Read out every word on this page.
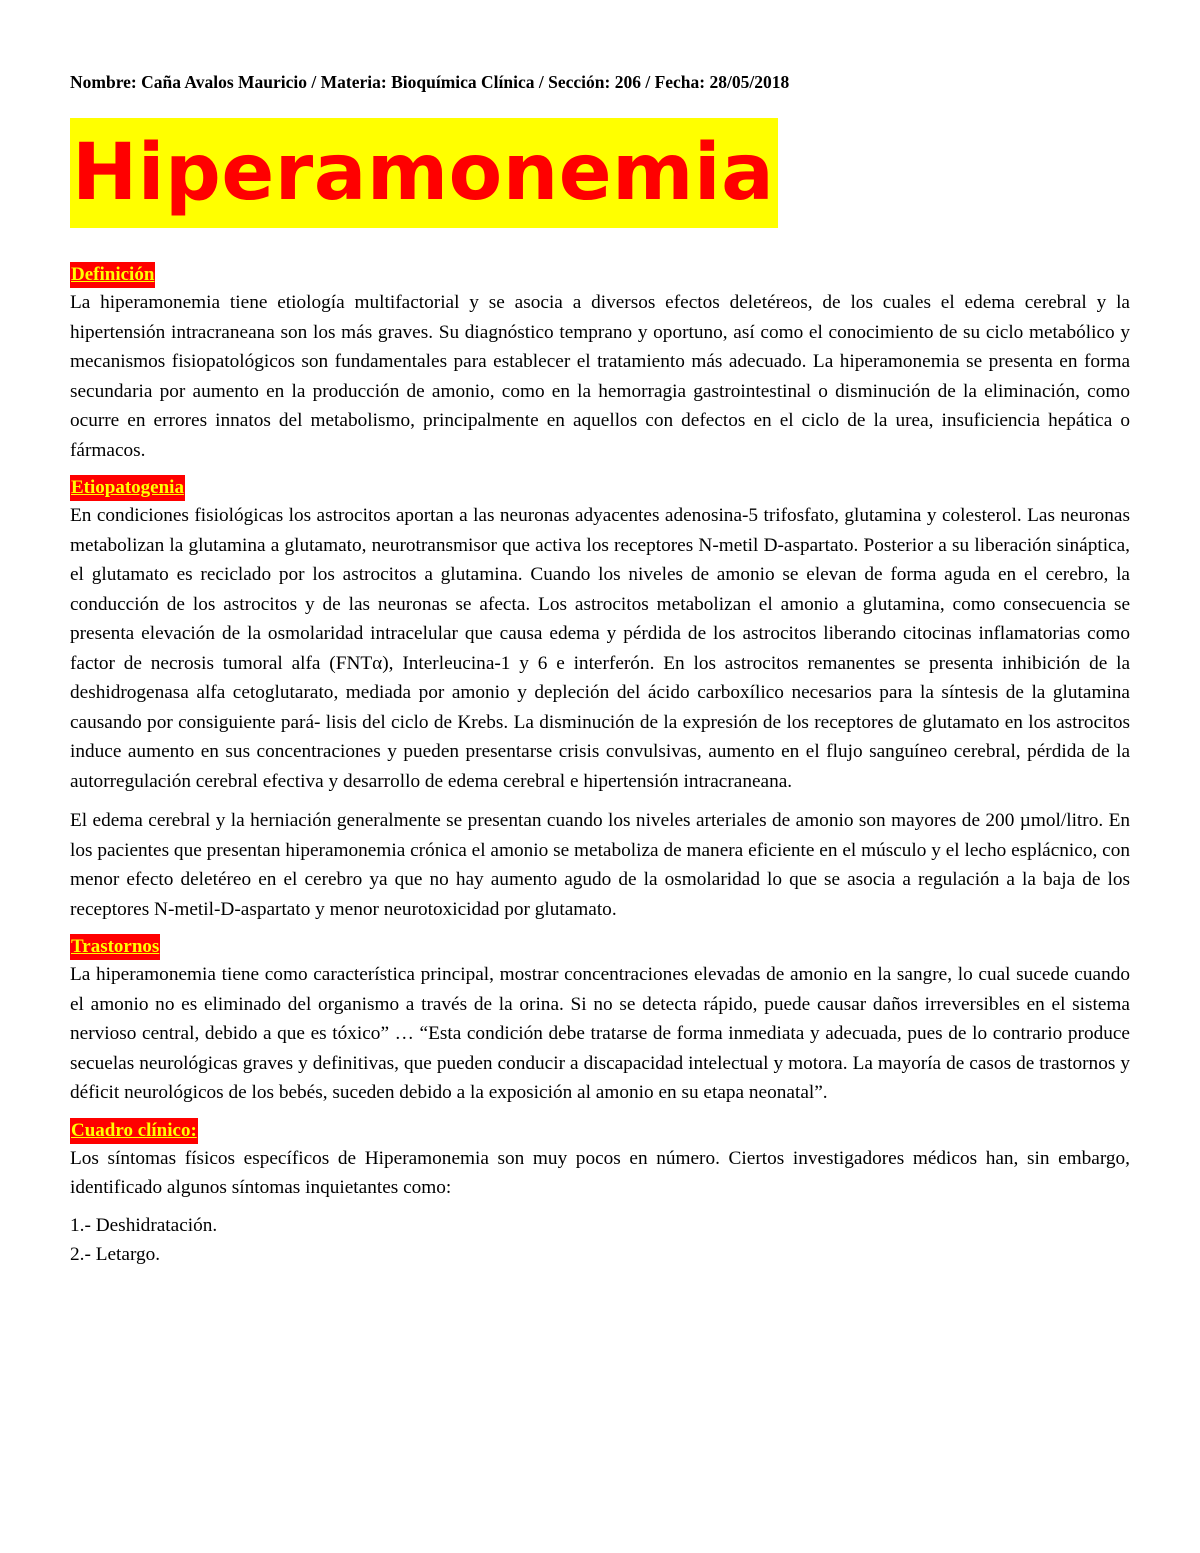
Nombre: Caña Avalos Mauricio / Materia: Bioquímica Clínica / Sección: 206 / Fecha: 28/05/2018

Hiperamonemia
Definición

La hiperamonemia tiene etiología multifactorial y se asocia a diversos efectos deletéreos, de los cuales el edema cerebral y la hipertensión intracraneana son los más graves. Su diagnóstico temprano y oportuno, así como el conocimiento de su ciclo metabólico y mecanismos fisiopatológicos son fundamentales para establecer el tratamiento más adecuado. La hiperamonemia se presenta en forma secundaria por aumento en la producción de amonio, como en la hemorragia gastrointestinal o disminución de la eliminación, como ocurre en errores innatos del metabolismo, principalmente en aquellos con defectos en el ciclo de la urea, insuficiencia hepática o fármacos.

Etiopatogenia

En condiciones fisiológicas los astrocitos aportan a las neuronas adyacentes adenosina-5 trifosfato, glutamina y colesterol. Las neuronas metabolizan la glutamina a glutamato, neurotransmisor que activa los receptores N-metil D-aspartato. Posterior a su liberación sináptica, el glutamato es reciclado por los astrocitos a glutamina. Cuando los niveles de amonio se elevan de forma aguda en el cerebro, la conducción de los astrocitos y de las neuronas se afecta. Los astrocitos metabolizan el amonio a glutamina, como consecuencia se presenta elevación de la osmolaridad intracelular que causa edema y pérdida de los astrocitos liberando citocinas inflamatorias como factor de necrosis tumoral alfa (FNTα), Interleucina-1 y 6 e interferón. En los astrocitos remanentes se presenta inhibición de la deshidrogenasa alfa cetoglutarato, mediada por amonio y depleción del ácido carboxílico necesarios para la síntesis de la glutamina causando por consiguiente pará- lisis del ciclo de Krebs. La disminución de la expresión de los receptores de glutamato en los astrocitos induce aumento en sus concentraciones y pueden presentarse crisis convulsivas, aumento en el flujo sanguíneo cerebral, pérdida de la autorregulación cerebral efectiva y desarrollo de edema cerebral e hipertensión intracraneana.

El edema cerebral y la herniación generalmente se presentan cuando los niveles arteriales de amonio son mayores de 200 µmol/litro. En los pacientes que presentan hiperamonemia crónica el amonio se metaboliza de manera eficiente en el músculo y el lecho esplácnico, con menor efecto deletéreo en el cerebro ya que no hay aumento agudo de la osmolaridad lo que se asocia a regulación a la baja de los receptores N-metil-D-aspartato y menor neurotoxicidad por glutamato.

Trastornos

La hiperamonemia tiene como característica principal, mostrar concentraciones elevadas de amonio en la sangre, lo cual sucede cuando el amonio no es eliminado del organismo a través de la orina. Si no se detecta rápido, puede causar daños irreversibles en el sistema nervioso central, debido a que es tóxico” … “Esta condición debe tratarse de forma inmediata y adecuada, pues de lo contrario produce secuelas neurológicas graves y definitivas, que pueden conducir a discapacidad intelectual y motora. La mayoría de casos de trastornos y déficit neurológicos de los bebés, suceden debido a la exposición al amonio en su etapa neonatal”.

Cuadro clínico:

Los síntomas físicos específicos de Hiperamonemia son muy pocos en número. Ciertos investigadores médicos han, sin embargo, identificado algunos síntomas inquietantes como:

1.- Deshidratación.
2.- Letargo.
